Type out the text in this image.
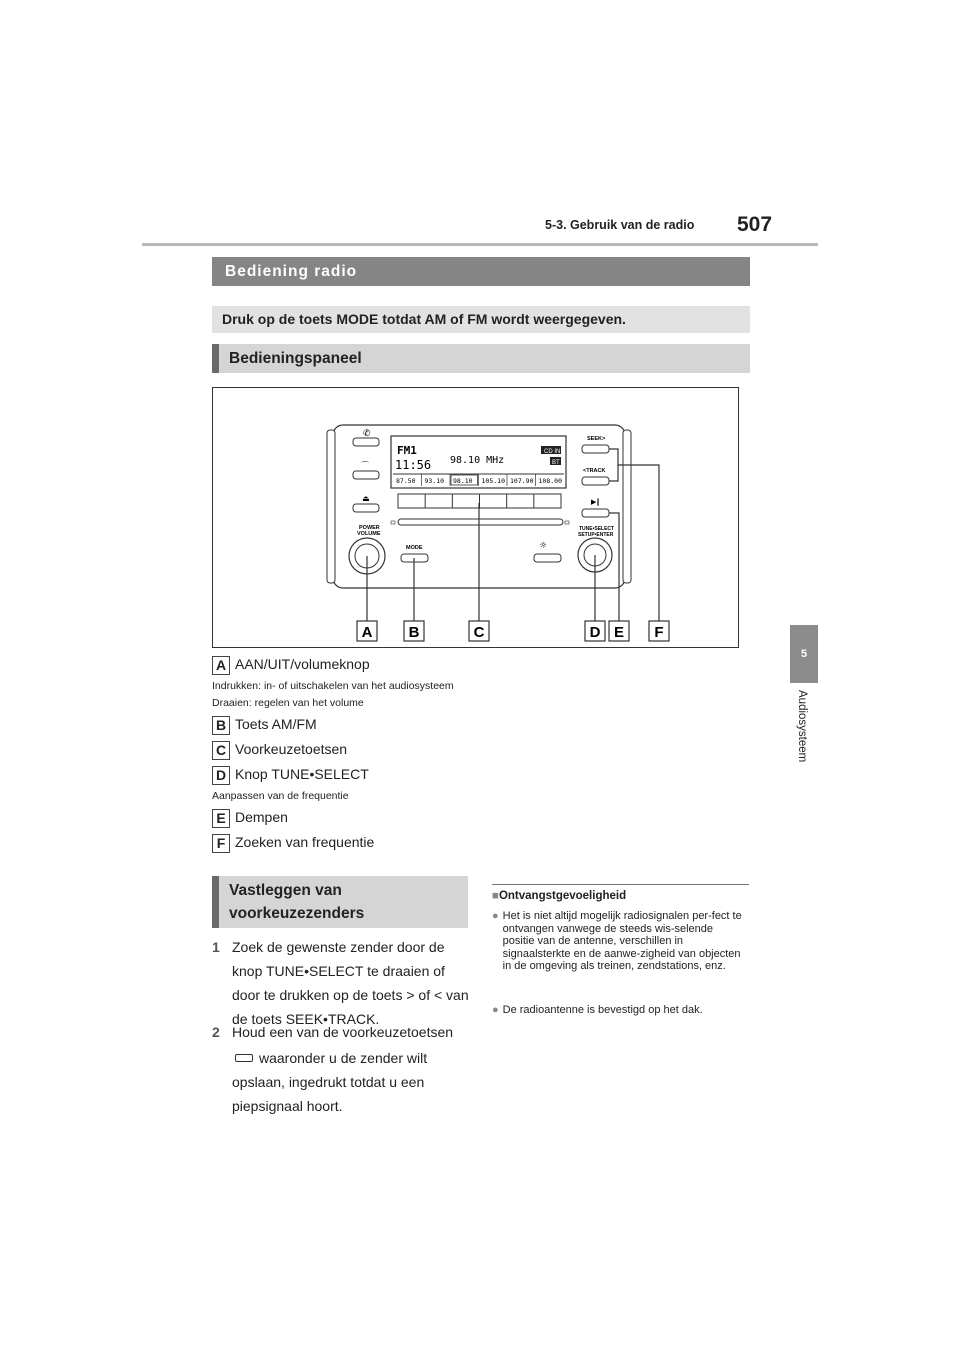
5-3. Gebruik van de radio 507
5
Audiosysteem
Bediening radio
Druk op de toets MODE totdat AM of FM wordt weergegeven.
Bedieningspaneel
✆
⌒
⏏
POWER
VOLUME
FM1
11:56 98.10 MHz
CD IN
BT
87.50 93.10 98.10 105.10 107.90 108.00
MODE	☼
SEEK>
<TRACK
▶‖
TUNE•SELECT
SETUP•ENTER
A B	C	D E F
A AAN/UIT/volumeknop
Indrukken: in- of uitschakelen van het audiosysteem
Draaien: regelen van het volume
B Toets AM/FM
C Voorkeuzetoetsen
D Knop TUNE•SELECT
Aanpassen van de frequentie
E Dempen
F Zoeken van frequentie
Vastleggen van voorkeuzezenders
1 Zoek de gewenste zender door de knop TUNE•SELECT te draaien of door te drukken op de toets > of < van de toets SEEK•TRACK.
2 Houd een van de voorkeuzetoetsen
waaronder u de zender wilt opslaan, ingedrukt totdat u een piepsignaal hoort.
■Ontvangstgevoeligheid
● Het is niet altijd mogelijk radiosignalen per-fect te ontvangen vanwege de steeds wis-selende positie van de antenne, verschillen in signaalsterkte en de aanwe-zigheid van objecten in de omgeving als treinen, zendstations, enz.
● De radioantenne is bevestigd op het dak.
